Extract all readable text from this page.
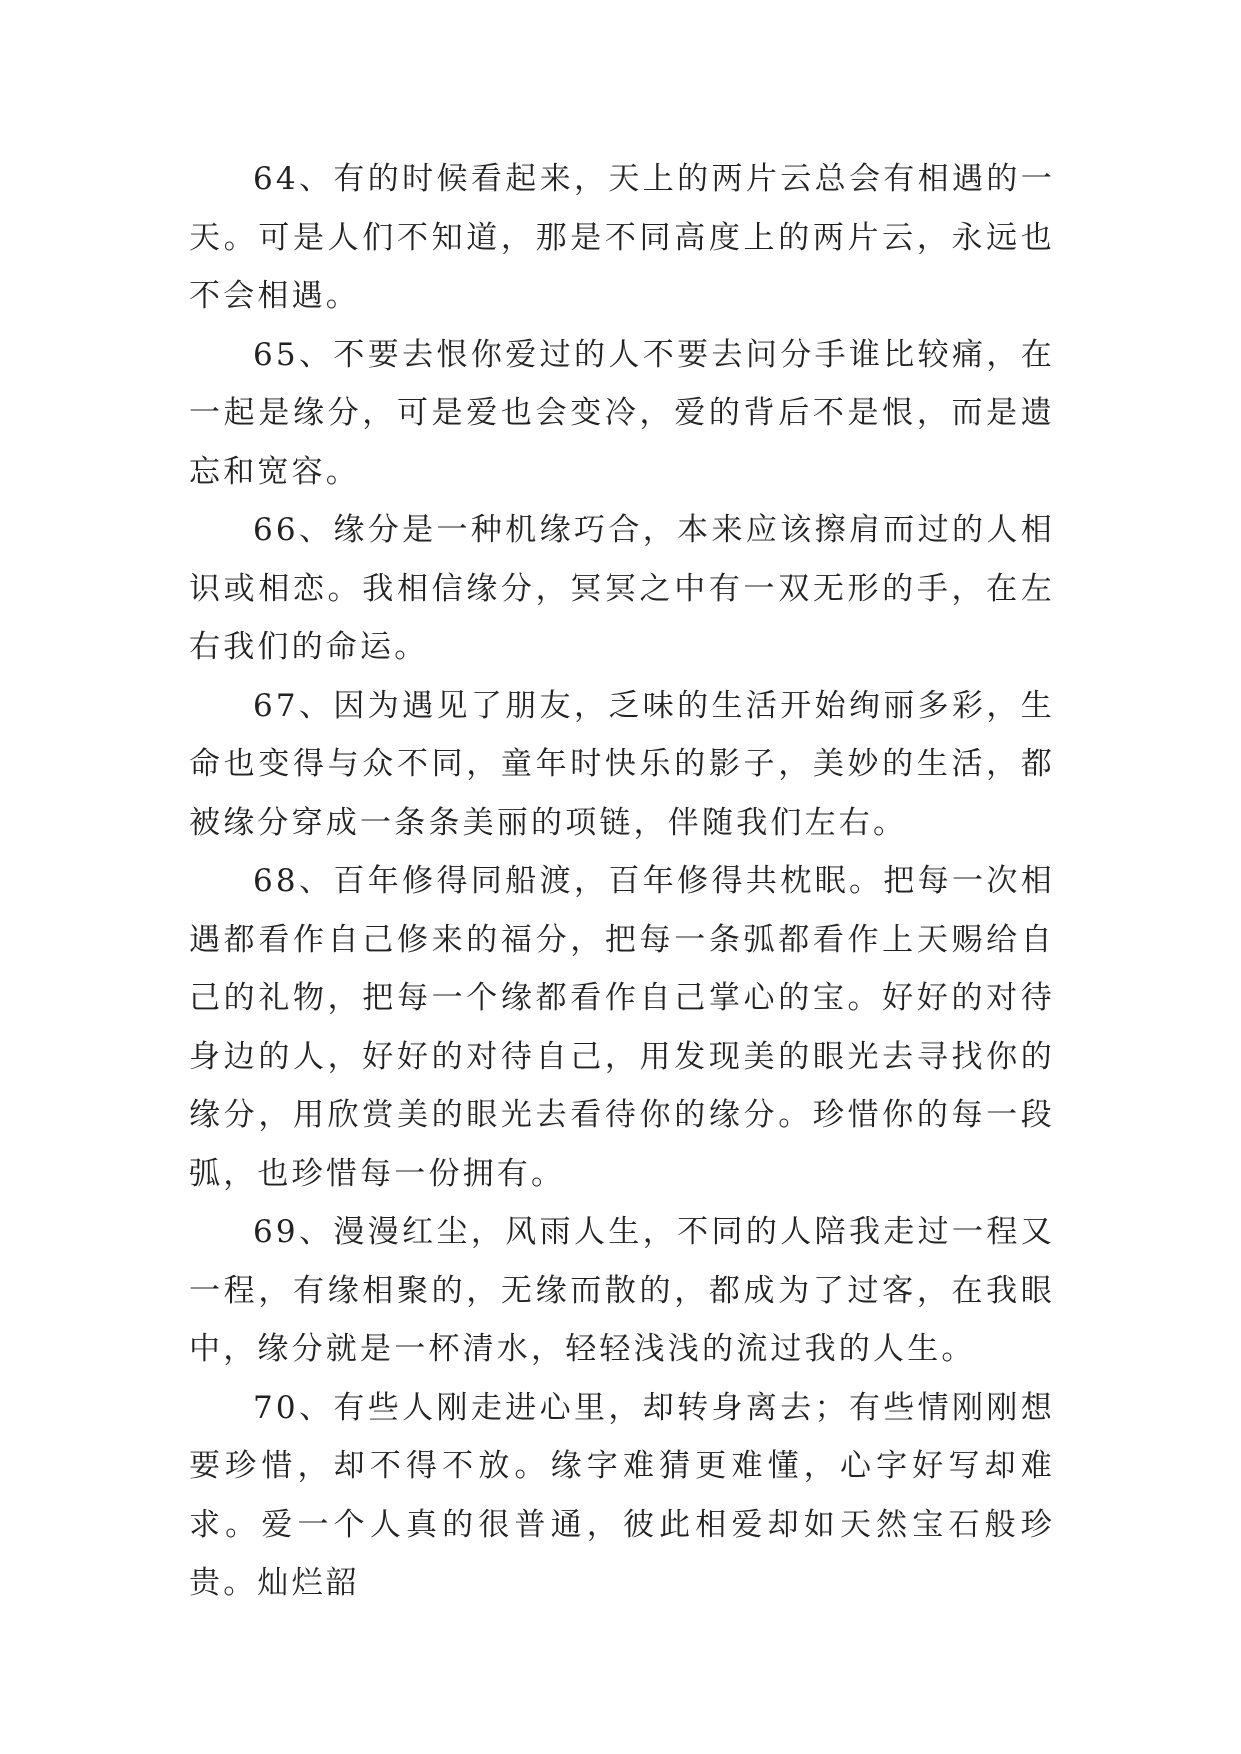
64、有的时候看起来，天上的两片云总会有相遇的一天。可是人们不知道，那是不同高度上的两片云，永远也不会相遇。

65、不要去恨你爱过的人不要去问分手谁比较痛，在一起是缘分，可是爱也会变冷，爱的背后不是恨，而是遗忘和宽容。

66、缘分是一种机缘巧合，本来应该擦肩而过的人相识或相恋。我相信缘分，冥冥之中有一双无形的手，在左右我们的命运。

67、因为遇见了朋友，乏味的生活开始绚丽多彩，生命也变得与众不同，童年时快乐的影子，美妙的生活，都被缘分穿成一条条美丽的项链，伴随我们左右。

68、百年修得同船渡，百年修得共枕眠。把每一次相遇都看作自己修来的福分，把每一条弧都看作上天赐给自己的礼物，把每一个缘都看作自己掌心的宝。好好的对待身边的人，好好的对待自己，用发现美的眼光去寻找你的缘分，用欣赏美的眼光去看待你的缘分。珍惜你的每一段弧，也珍惜每一份拥有。

69、漫漫红尘，风雨人生，不同的人陪我走过一程又一程，有缘相聚的，无缘而散的，都成为了过客，在我眼中，缘分就是一杯清水，轻轻浅浅的流过我的人生。

70、有些人刚走进心里，却转身离去；有些情刚刚想要珍惜，却不得不放。缘字难猜更难懂，心字好写却难求。爱一个人真的很普通，彼此相爱却如天然宝石般珍贵。灿烂韶
